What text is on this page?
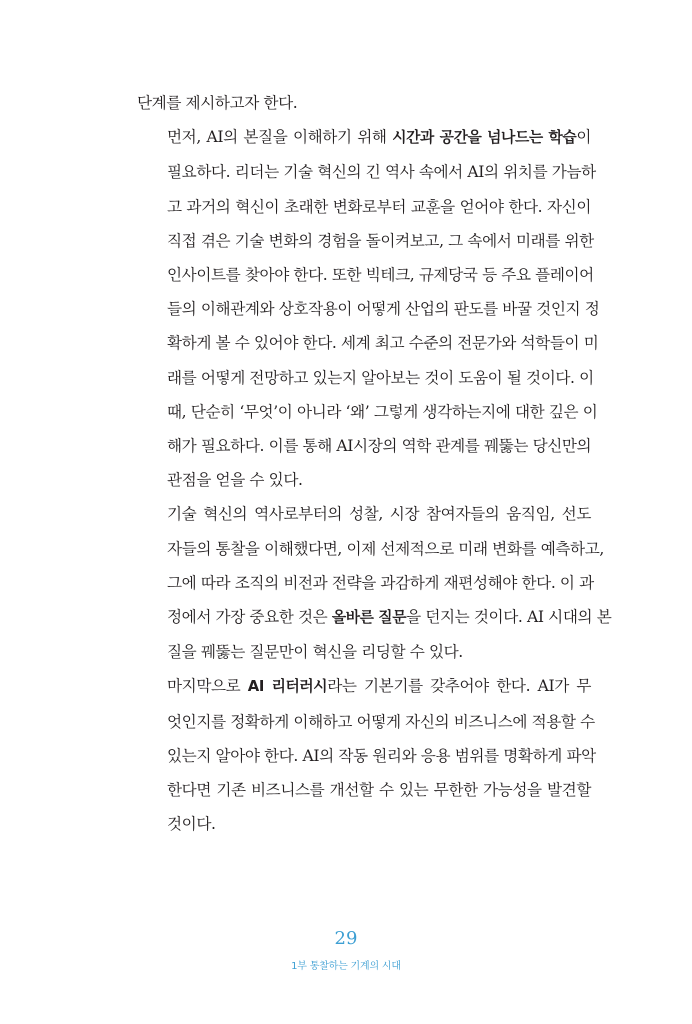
단계를 제시하고자 한다.
먼저, AI의 본질을 이해하기 위해 시간과 공간을 넘나드는 학습이
필요하다. 리더는 기술 혁신의 긴 역사 속에서 AI의 위치를 가늠하
고 과거의 혁신이 초래한 변화로부터 교훈을 얻어야 한다. 자신이
직접 겪은 기술 변화의 경험을 돌이켜보고, 그 속에서 미래를 위한
인사이트를 찾아야 한다. 또한 빅테크, 규제당국 등 주요 플레이어
들의 이해관계와 상호작용이 어떻게 산업의 판도를 바꿀 것인지 정
확하게 볼 수 있어야 한다. 세계 최고 수준의 전문가와 석학들이 미
래를 어떻게 전망하고 있는지 알아보는 것이 도움이 될 것이다. 이
때, 단순히 ‘무엇’이 아니라 ‘왜’ 그렇게 생각하는지에 대한 깊은 이
해가 필요하다. 이를 통해 AI시장의 역학 관계를 꿰뚫는 당신만의
관점을 얻을 수 있다.
기술 혁신의 역사로부터의 성찰, 시장 참여자들의 움직임, 선도
자들의 통찰을 이해했다면, 이제 선제적으로 미래 변화를 예측하고,
그에 따라 조직의 비전과 전략을 과감하게 재편성해야 한다. 이 과
정에서 가장 중요한 것은 올바른 질문을 던지는 것이다. AI 시대의 본
질을 꿰뚫는 질문만이 혁신을 리딩할 수 있다.
마지막으로 AI 리터러시라는 기본기를 갖추어야 한다. AI가 무
엇인지를 정확하게 이해하고 어떻게 자신의 비즈니스에 적용할 수
있는지 알아야 한다. AI의 작동 원리와 응용 범위를 명확하게 파악
한다면 기존 비즈니스를 개선할 수 있는 무한한 가능성을 발견할
것이다.
29
1부 통찰하는 기계의 시대
